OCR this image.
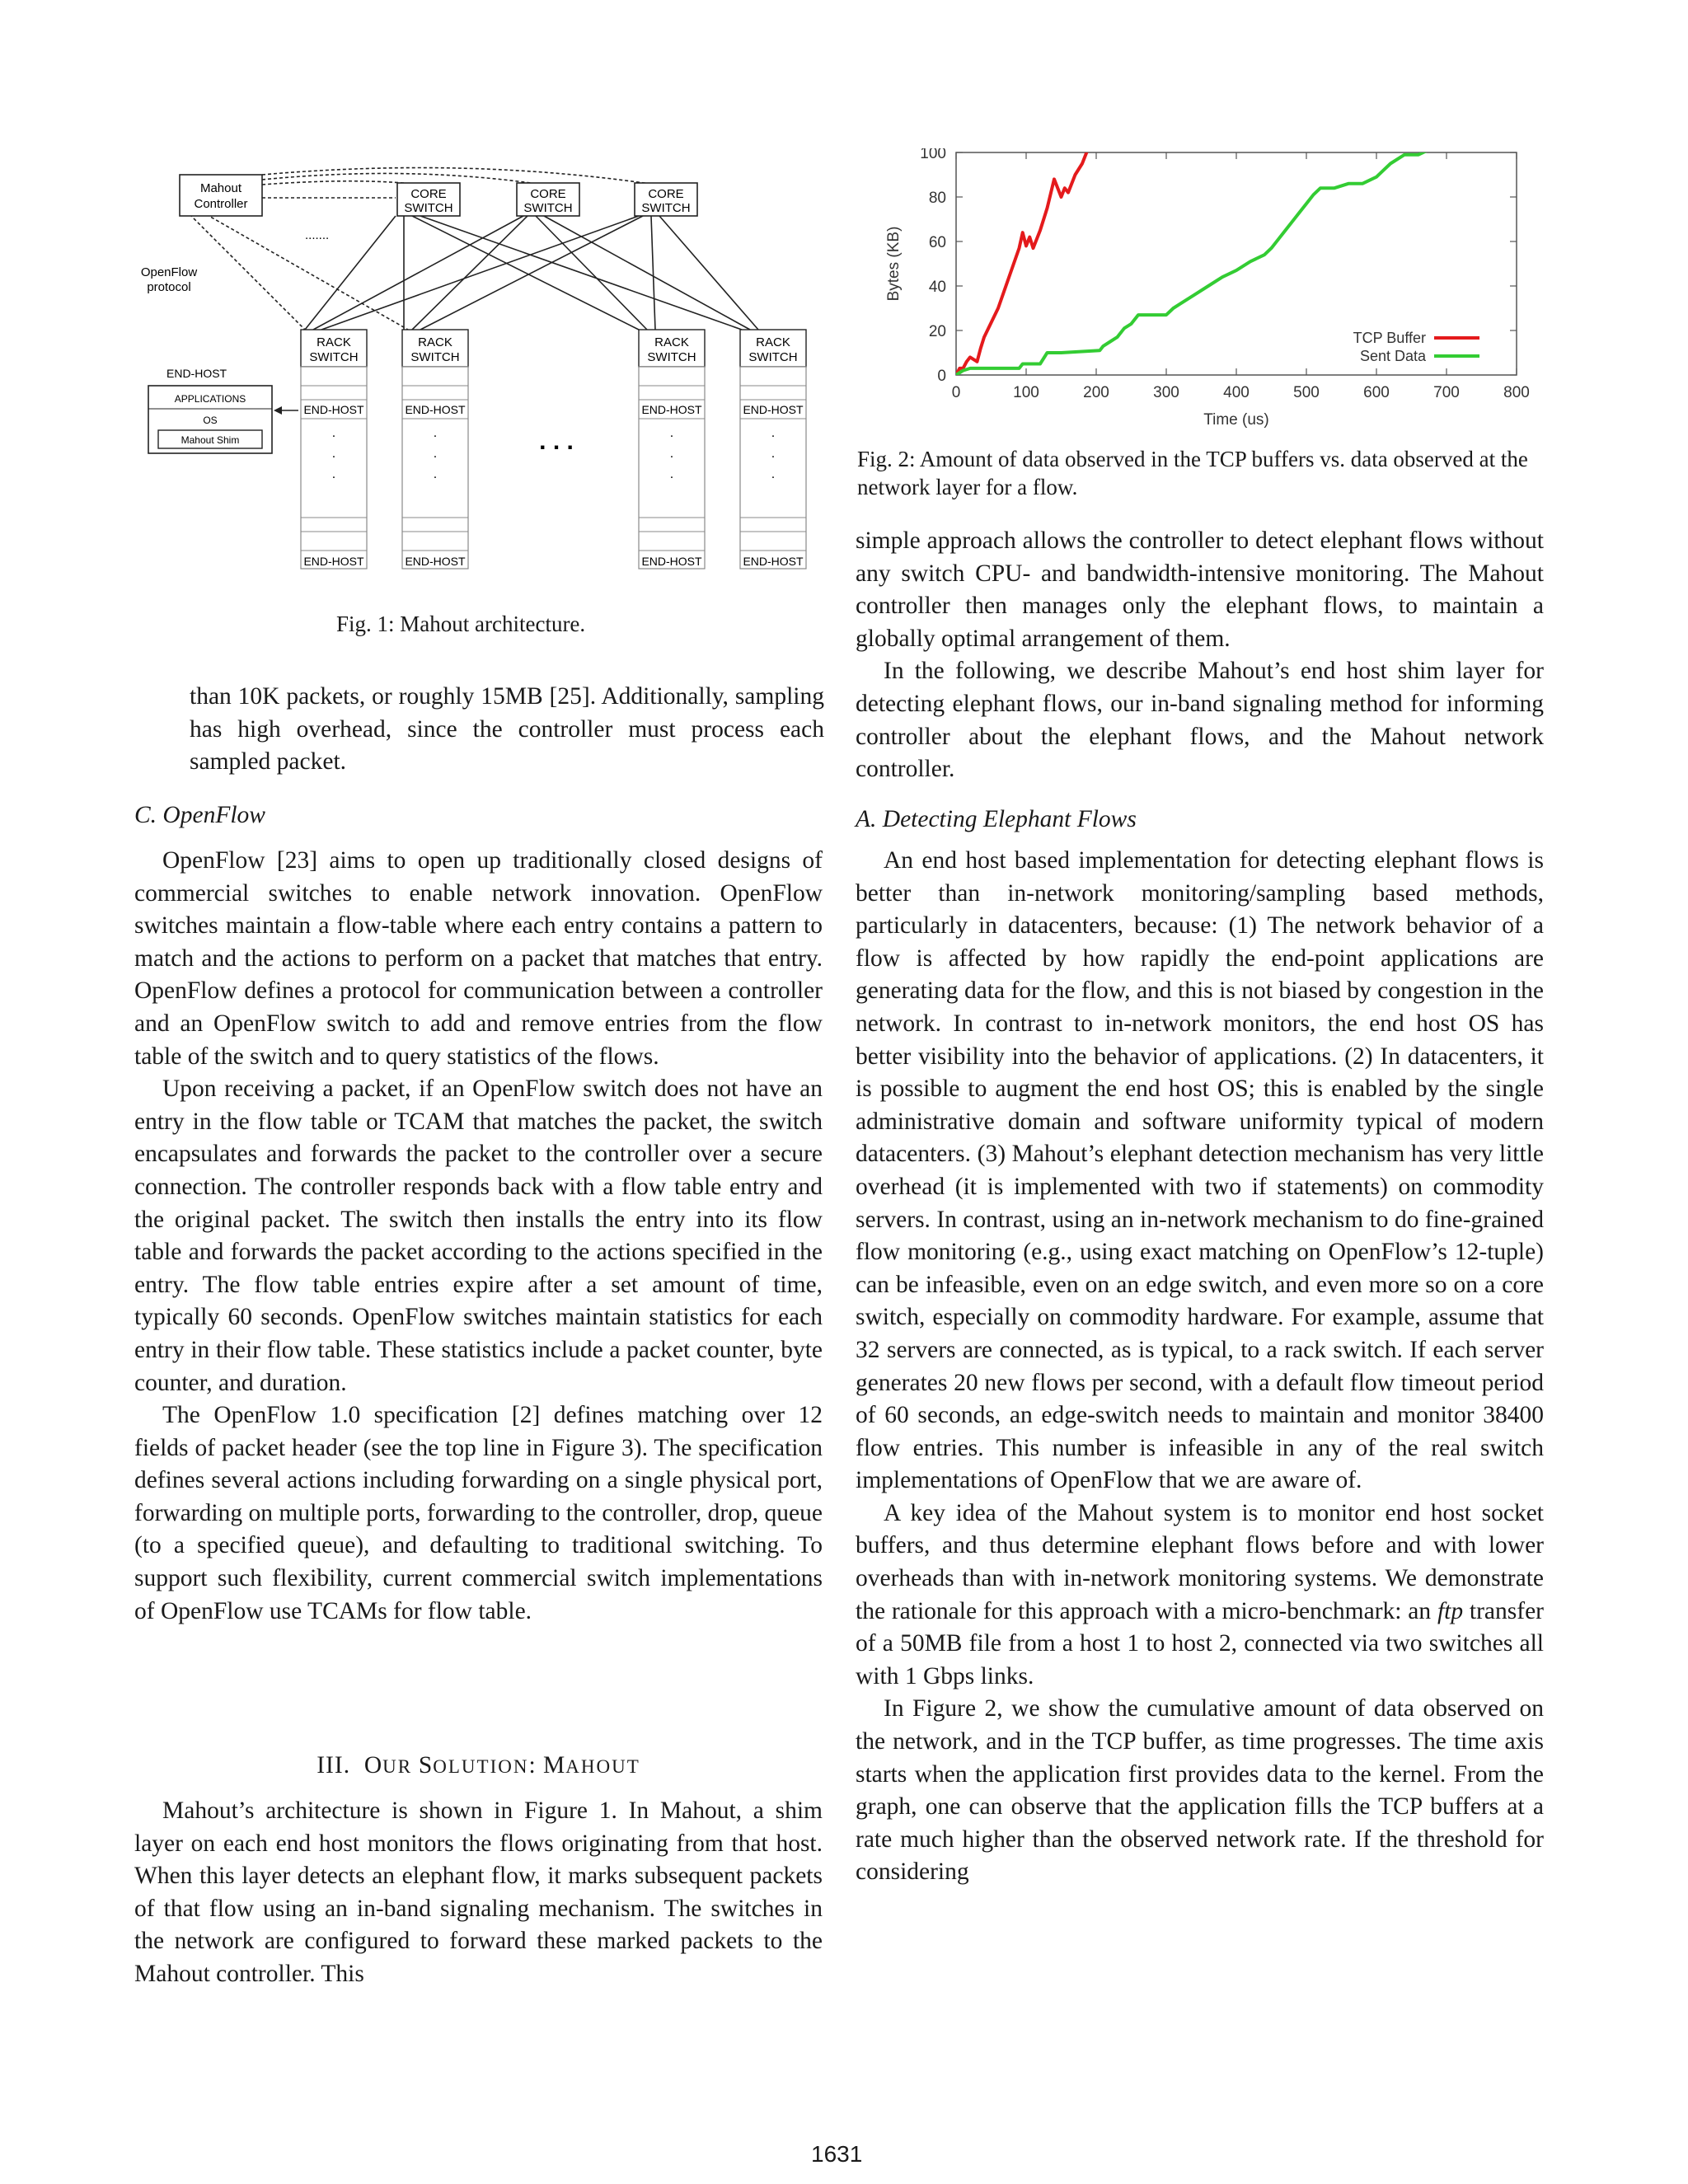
Mahout
Controller
CORE
SWITCH
CORE
SWITCH
CORE
SWITCH
.......
OpenFlow
protocol
RACK
SWITCH
END-HOST
.
.
.
END-HOST
RACK
SWITCH
END-HOST
.
.
.
END-HOST
. . .
RACK
SWITCH
END-HOST
.
.
.
END-HOST
RACK
SWITCH
END-HOST
.
.
.
END-HOST
END-HOST
APPLICATIONS
OS
Mahout Shim
Fig. 1: Mahout architecture.
0	100	200	300	400	500	600	700	800
0
20
40
60
80
100
Time (us)
Bytes (KB)
TCP Buffer
Sent Data
Fig. 2: Amount of data observed in the TCP buffers vs. data observed at the network layer for a flow.

than 10K packets, or roughly 15MB [25]. Additionally, sampling has high overhead, since the controller must process each sampled packet.

C. OpenFlow

OpenFlow [23] aims to open up traditionally closed designs of commercial switches to enable network innovation. OpenFlow switches maintain a flow-table where each entry contains a pattern to match and the actions to perform on a packet that matches that entry. OpenFlow defines a protocol for communication between a controller and an OpenFlow switch to add and remove entries from the flow table of the switch and to query statistics of the flows.

Upon receiving a packet, if an OpenFlow switch does not have an entry in the flow table or TCAM that matches the packet, the switch encapsulates and forwards the packet to the controller over a secure connection. The controller responds back with a flow table entry and the original packet. The switch then installs the entry into its flow table and forwards the packet according to the actions specified in the entry. The flow table entries expire after a set amount of time, typically 60 seconds. OpenFlow switches maintain statistics for each entry in their flow table. These statistics include a packet counter, byte counter, and duration.

The OpenFlow 1.0 specification [2] defines matching over 12 fields of packet header (see the top line in Figure 3). The specification defines several actions including forwarding on a single physical port, forwarding on multiple ports, forwarding to the controller, drop, queue (to a specified queue), and defaulting to traditional switching. To support such flexibility, current commercial switch implementations of OpenFlow use TCAMs for flow table.

III. OUR SOLUTION: MAHOUT

Mahout’s architecture is shown in Figure 1. In Mahout, a shim layer on each end host monitors the flows originating from that host. When this layer detects an elephant flow, it marks subsequent packets of that flow using an in-band signaling mechanism. The switches in the network are configured to forward these marked packets to the Mahout controller. This

simple approach allows the controller to detect elephant flows without any switch CPU- and bandwidth-intensive monitoring. The Mahout controller then manages only the elephant flows, to maintain a globally optimal arrangement of them.

In the following, we describe Mahout’s end host shim layer for detecting elephant flows, our in-band signaling method for informing controller about the elephant flows, and the Mahout network controller.

A. Detecting Elephant Flows

An end host based implementation for detecting elephant flows is better than in-network monitoring/sampling based methods, particularly in datacenters, because: (1) The network behavior of a flow is affected by how rapidly the end-point applications are generating data for the flow, and this is not biased by congestion in the network. In contrast to in-network monitors, the end host OS has better visibility into the behavior of applications. (2) In datacenters, it is possible to augment the end host OS; this is enabled by the single administrative domain and software uniformity typical of modern datacenters. (3) Mahout’s elephant detection mechanism has very little overhead (it is implemented with two if statements) on commodity servers. In contrast, using an in-network mechanism to do fine-grained flow monitoring (e.g., using exact matching on OpenFlow’s 12-tuple) can be infeasible, even on an edge switch, and even more so on a core switch, especially on commodity hardware. For example, assume that 32 servers are connected, as is typical, to a rack switch. If each server generates 20 new flows per second, with a default flow timeout period of 60 seconds, an edge-switch needs to maintain and monitor 38400 flow entries. This number is infeasible in any of the real switch implementations of OpenFlow that we are aware of.

A key idea of the Mahout system is to monitor end host socket buffers, and thus determine elephant flows before and with lower overheads than with in-network monitoring systems. We demonstrate the rationale for this approach with a micro-benchmark: an ftp transfer of a 50MB file from a host 1 to host 2, connected via two switches all with 1 Gbps links.

In Figure 2, we show the cumulative amount of data observed on the network, and in the TCP buffer, as time progresses. The time axis starts when the application first provides data to the kernel. From the graph, one can observe that the application fills the TCP buffers at a rate much higher than the observed network rate. If the threshold for considering

1631
